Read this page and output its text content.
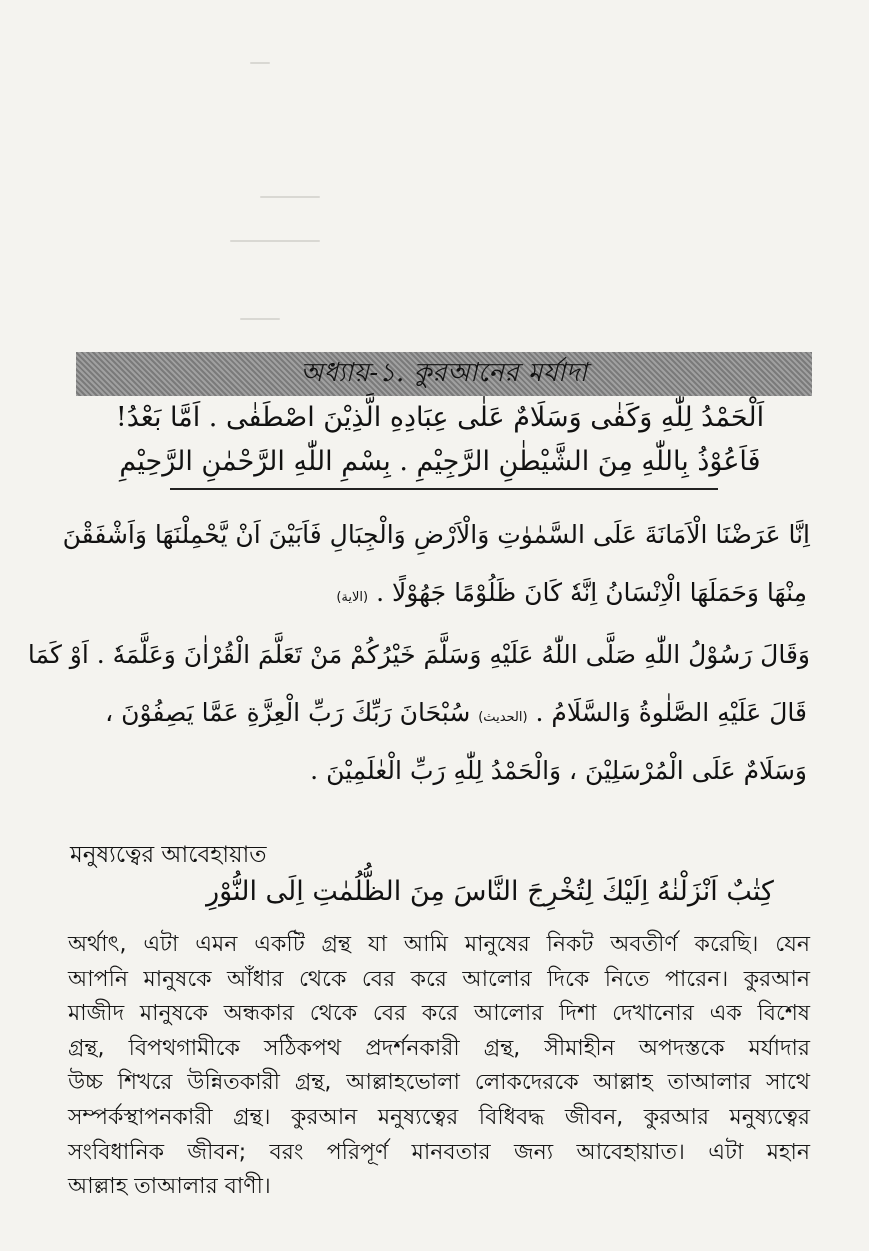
অধ্যায়-১. কুরআনের মর্যাদা
اَلْحَمْدُ لِلّٰهِ وَكَفٰى وَسَلَامٌ عَلٰى عِبَادِهِ الَّذِيْنَ اصْطَفٰى . اَمَّا بَعْدُ!
فَاَعُوْذُ بِاللّٰهِ مِنَ الشَّيْطٰنِ الرَّجِيْمِ . بِسْمِ اللّٰهِ الرَّحْمٰنِ الرَّحِيْمِ
اِنَّا عَرَضْنَا الْاَمَانَةَ عَلَى السَّمٰوٰتِ وَالْاَرْضِ وَالْجِبَالِ فَاَبَيْنَ اَنْ يَّحْمِلْنَهَا وَاَشْفَقْنَ
مِنْهَا وَحَمَلَهَا الْاِنْسَانُ اِنَّهٗ كَانَ ظَلُوْمًا جَهُوْلًا . (الاية)
وَقَالَ رَسُوْلُ اللّٰهِ صَلَّى اللّٰهُ عَلَيْهِ وَسَلَّمَ خَيْرُكُمْ مَنْ تَعَلَّمَ الْقُرْاٰنَ وَعَلَّمَهٗ . اَوْ كَمَا
قَالَ عَلَيْهِ الصَّلٰوةُ وَالسَّلَامُ . (الحديث) سُبْحَانَ رَبِّكَ رَبِّ الْعِزَّةِ عَمَّا يَصِفُوْنَ ،
وَسَلَامٌ عَلَى الْمُرْسَلِيْنَ ، وَالْحَمْدُ لِلّٰهِ رَبِّ الْعٰلَمِيْنَ .
মনুষ্যত্বের আবেহায়াত
كِتٰبٌ اَنْزَلْنٰهُ اِلَيْكَ لِتُخْرِجَ النَّاسَ مِنَ الظُّلُمٰتِ اِلَى النُّوْرِ
অর্থাৎ, এটা এমন একটি গ্রন্থ যা আমি মানুষের নিকট অবতীর্ণ করেছি। যেন
আপনি মানুষকে আঁধার থেকে বের করে আলোর দিকে নিতে পারেন। কুরআন
মাজীদ মানুষকে অন্ধকার থেকে বের করে আলোর দিশা দেখানোর এক বিশেষ
গ্রন্থ, বিপথগামীকে সঠিকপথ প্রদর্শনকারী গ্রন্থ, সীমাহীন অপদস্তকে মর্যাদার
উচ্চ শিখরে উন্নিতকারী গ্রন্থ, আল্লাহভোলা লোকদেরকে আল্লাহ তাআলার সাথে
সম্পর্কস্থাপনকারী গ্রন্থ। কুরআন মনুষ্যত্বের বিধিবদ্ধ জীবন, কুরআর মনুষ্যত্বের
সংবিধানিক জীবন; বরং পরিপূর্ণ মানবতার জন্য আবেহায়াত। এটা মহান
আল্লাহ তাআলার বাণী।
